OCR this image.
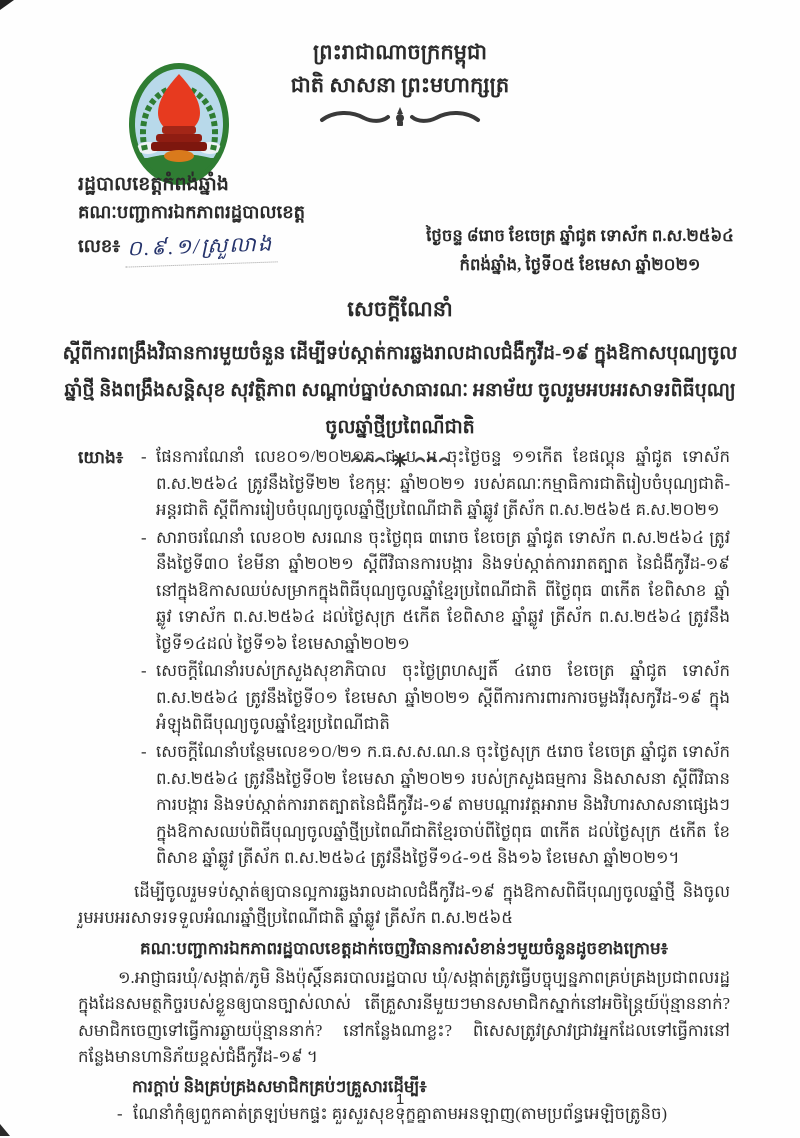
ព្រះរាជាណាចក្រកម្ពុជា
ជាតិ សាសនា ព្រះមហាក្សត្រ
រដ្ឋបាលខេត្តកំពង់ឆ្នាំង
គណៈបញ្ជាការឯកភាពរដ្ឋបាលខេត្ត
លេខ៖ ០.៩.១/ស្រួលាង	ថ្ងៃចន្ទ ៨រោច ខែចេត្រ ឆ្នាំជូត ទោស័ក ព.ស.២៥៦៤
កំពង់ឆ្នាំង, ថ្ងៃទី០៥ ខែមេសា ឆ្នាំ២០២១
សេចក្តីណែនាំ
ស្តីពីការពង្រឹងវិធានការមួយចំនួន ដើម្បីទប់ស្កាត់ការឆ្លងរាលដាលជំងឺកូវីដ-១៩ ក្នុងឱកាសបុណ្យចូលឆ្នាំថ្មី និងពង្រឹងសន្តិសុខ សុវត្ថិភាព សណ្តាប់ធ្នាប់សាធារណៈ អនាម័យ ចូលរួមអបអរសាទរពិធីបុណ្យចូលឆ្នាំថ្មីប្រពៃណីជាតិ
យោង៖	- ផែនការណែនាំ លេខ០១/២០២១ក ជ ប អ ចុះថ្ងៃចន្ទ ១១កើត ខែផល្គុន ឆ្នាំជូត ទោស័ក ព.ស.២៥៦៤ ត្រូវនឹងថ្ងៃទី២២ ខែកុម្ភៈ ឆ្នាំ២០២១ របស់គណៈកម្មាធិការជាតិរៀបចំបុណ្យជាតិ-អន្តរជាតិ ស្តីពីការរៀបចំបុណ្យចូលឆ្នាំថ្មីប្រពៃណីជាតិ ឆ្នាំឆ្លូវ ត្រីស័ក ព.ស.២៥៦៥ គ.ស.២០២១
- សារាចរណែនាំ លេខ០២ សរណន ចុះថ្ងៃពុធ ៣រោច ខែចេត្រ ឆ្នាំជូត ទោស័ក ព.ស.២៥៦៤ ត្រូវនឹងថ្ងៃទី៣០ ខែមីនា ឆ្នាំ២០២១ ស្តីពីវិធានការបង្ការ និងទប់ស្កាត់ការរាតត្បាត នៃជំងឺកូវីដ-១៩ នៅក្នុងឱកាសឈប់សម្រាកក្នុងពិធីបុណ្យចូលឆ្នាំខ្មែរប្រពៃណីជាតិ ពីថ្ងៃពុធ ៣កើត ខែពិសាខ ឆ្នាំឆ្លូវ ទោស័ក ព.ស.២៥៦៤ ដល់ថ្ងៃសុក្រ ៥កើត ខែពិសាខ ឆ្នាំឆ្លូវ ត្រីស័ក ព.ស.២៥៦៤ ត្រូវនឹងថ្ងៃទី១៤ដល់ ថ្ងៃទី១៦ ខែមេសាឆ្នាំ២០២១
- សេចក្តីណែនាំរបស់ក្រសួងសុខាភិបាល ចុះថ្ងៃព្រហស្បតិ៍ ៤រោច ខែចេត្រ ឆ្នាំជូត ទោស័ក ព.ស.២៥៦៤ ត្រូវនឹងថ្ងៃទី០១ ខែមេសា ឆ្នាំ២០២១ ស្តីពីការការពារការចម្លងវីរុសកូវីដ-១៩ ក្នុងអំឡុងពិធីបុណ្យចូលឆ្នាំខ្មែរប្រពៃណីជាតិ
- សេចក្តីណែនាំបន្ថែមលេខ១០/២១ ក.ធ.ស.ស.ណ.ន ចុះថ្ងៃសុក្រ ៥រោច ខែចេត្រ ឆ្នាំជូត ទោស័ក ព.ស.២៥៦៤ ត្រូវនឹងថ្ងៃទី០២ ខែមេសា ឆ្នាំ២០២១ របស់ក្រសួងធម្មការ និងសាសនា ស្តីពីវិធានការបង្ការ និងទប់ស្កាត់ការរាតត្បាតនៃជំងឺកូវីដ-១៩ តាមបណ្តារវត្តអារាម និងវិហារសាសនាផ្សេងៗ ក្នុងឱកាសឈប់ពិធីបុណ្យចូលឆ្នាំថ្មីប្រពៃណីជាតិខ្មែរចាប់ពីថ្ងៃពុធ ៣កើត ដល់ថ្ងៃសុក្រ ៥កើត ខែពិសាខ ឆ្នាំឆ្លូវ ត្រីស័ក ព.ស.២៥៦៤ ត្រូវនឹងថ្ងៃទី១៤-១៥ និង១៦ ខែមេសា ឆ្នាំ២០២១។

ដើម្បីចូលរួមទប់ស្កាត់ឲ្យបានល្អការឆ្លងរាលដាលជំងឺកូវីដ-១៩ ក្នុងឱកាសពិធីបុណ្យចូលឆ្នាំថ្មី និងចូលរួមអបអរសាទរទទួលអំណរឆ្នាំថ្មីប្រពៃណីជាតិ ឆ្នាំឆ្លូវ ត្រីស័ក ព.ស.២៥៦៥

គណៈបញ្ជាការឯកភាពរដ្ឋបាលខេត្តដាក់ចេញវិធានការសំខាន់ៗមួយចំនួនដូចខាងក្រោម៖

១.អាជ្ញាធរឃុំ/សង្កាត់/ភូមិ និងប៉ុស្តិ៍នគរបាលរដ្ឋបាល ឃុំ/សង្កាត់ត្រូវធ្វើបច្ចុប្បន្នភាពគ្រប់គ្រងប្រជាពលរដ្ឋក្នុងដែនសមត្ថកិច្ចរបស់ខ្លួនឲ្យបានច្បាស់លាស់ តើគ្រួសារនីមួយៗមានសមាជិកស្នាក់នៅអចិន្ត្រៃយ៍ប៉ុន្មាននាក់? សមាជិកចេញទៅធ្វើការឆ្ងាយប៉ុន្មាននាក់? នៅកន្លែងណាខ្លះ? ពិសេសត្រូវស្រាវជ្រាវអ្នកដែលទៅធ្វើការនៅកន្លែងមានហានិភ័យខ្ពស់ជំងឺកូវីដ-១៩ ។

ការក្តាប់ និងគ្រប់គ្រងសមាជិកគ្រប់ៗគ្រួសារដើម្បី៖
- ណែនាំកុំឲ្យពួកគាត់ត្រឡប់មកផ្ទះ គួរសួរសុខទុក្ខគ្នាតាមអនឡាញ(តាមប្រព័ន្ធអេឡិចត្រូនិច)
1
